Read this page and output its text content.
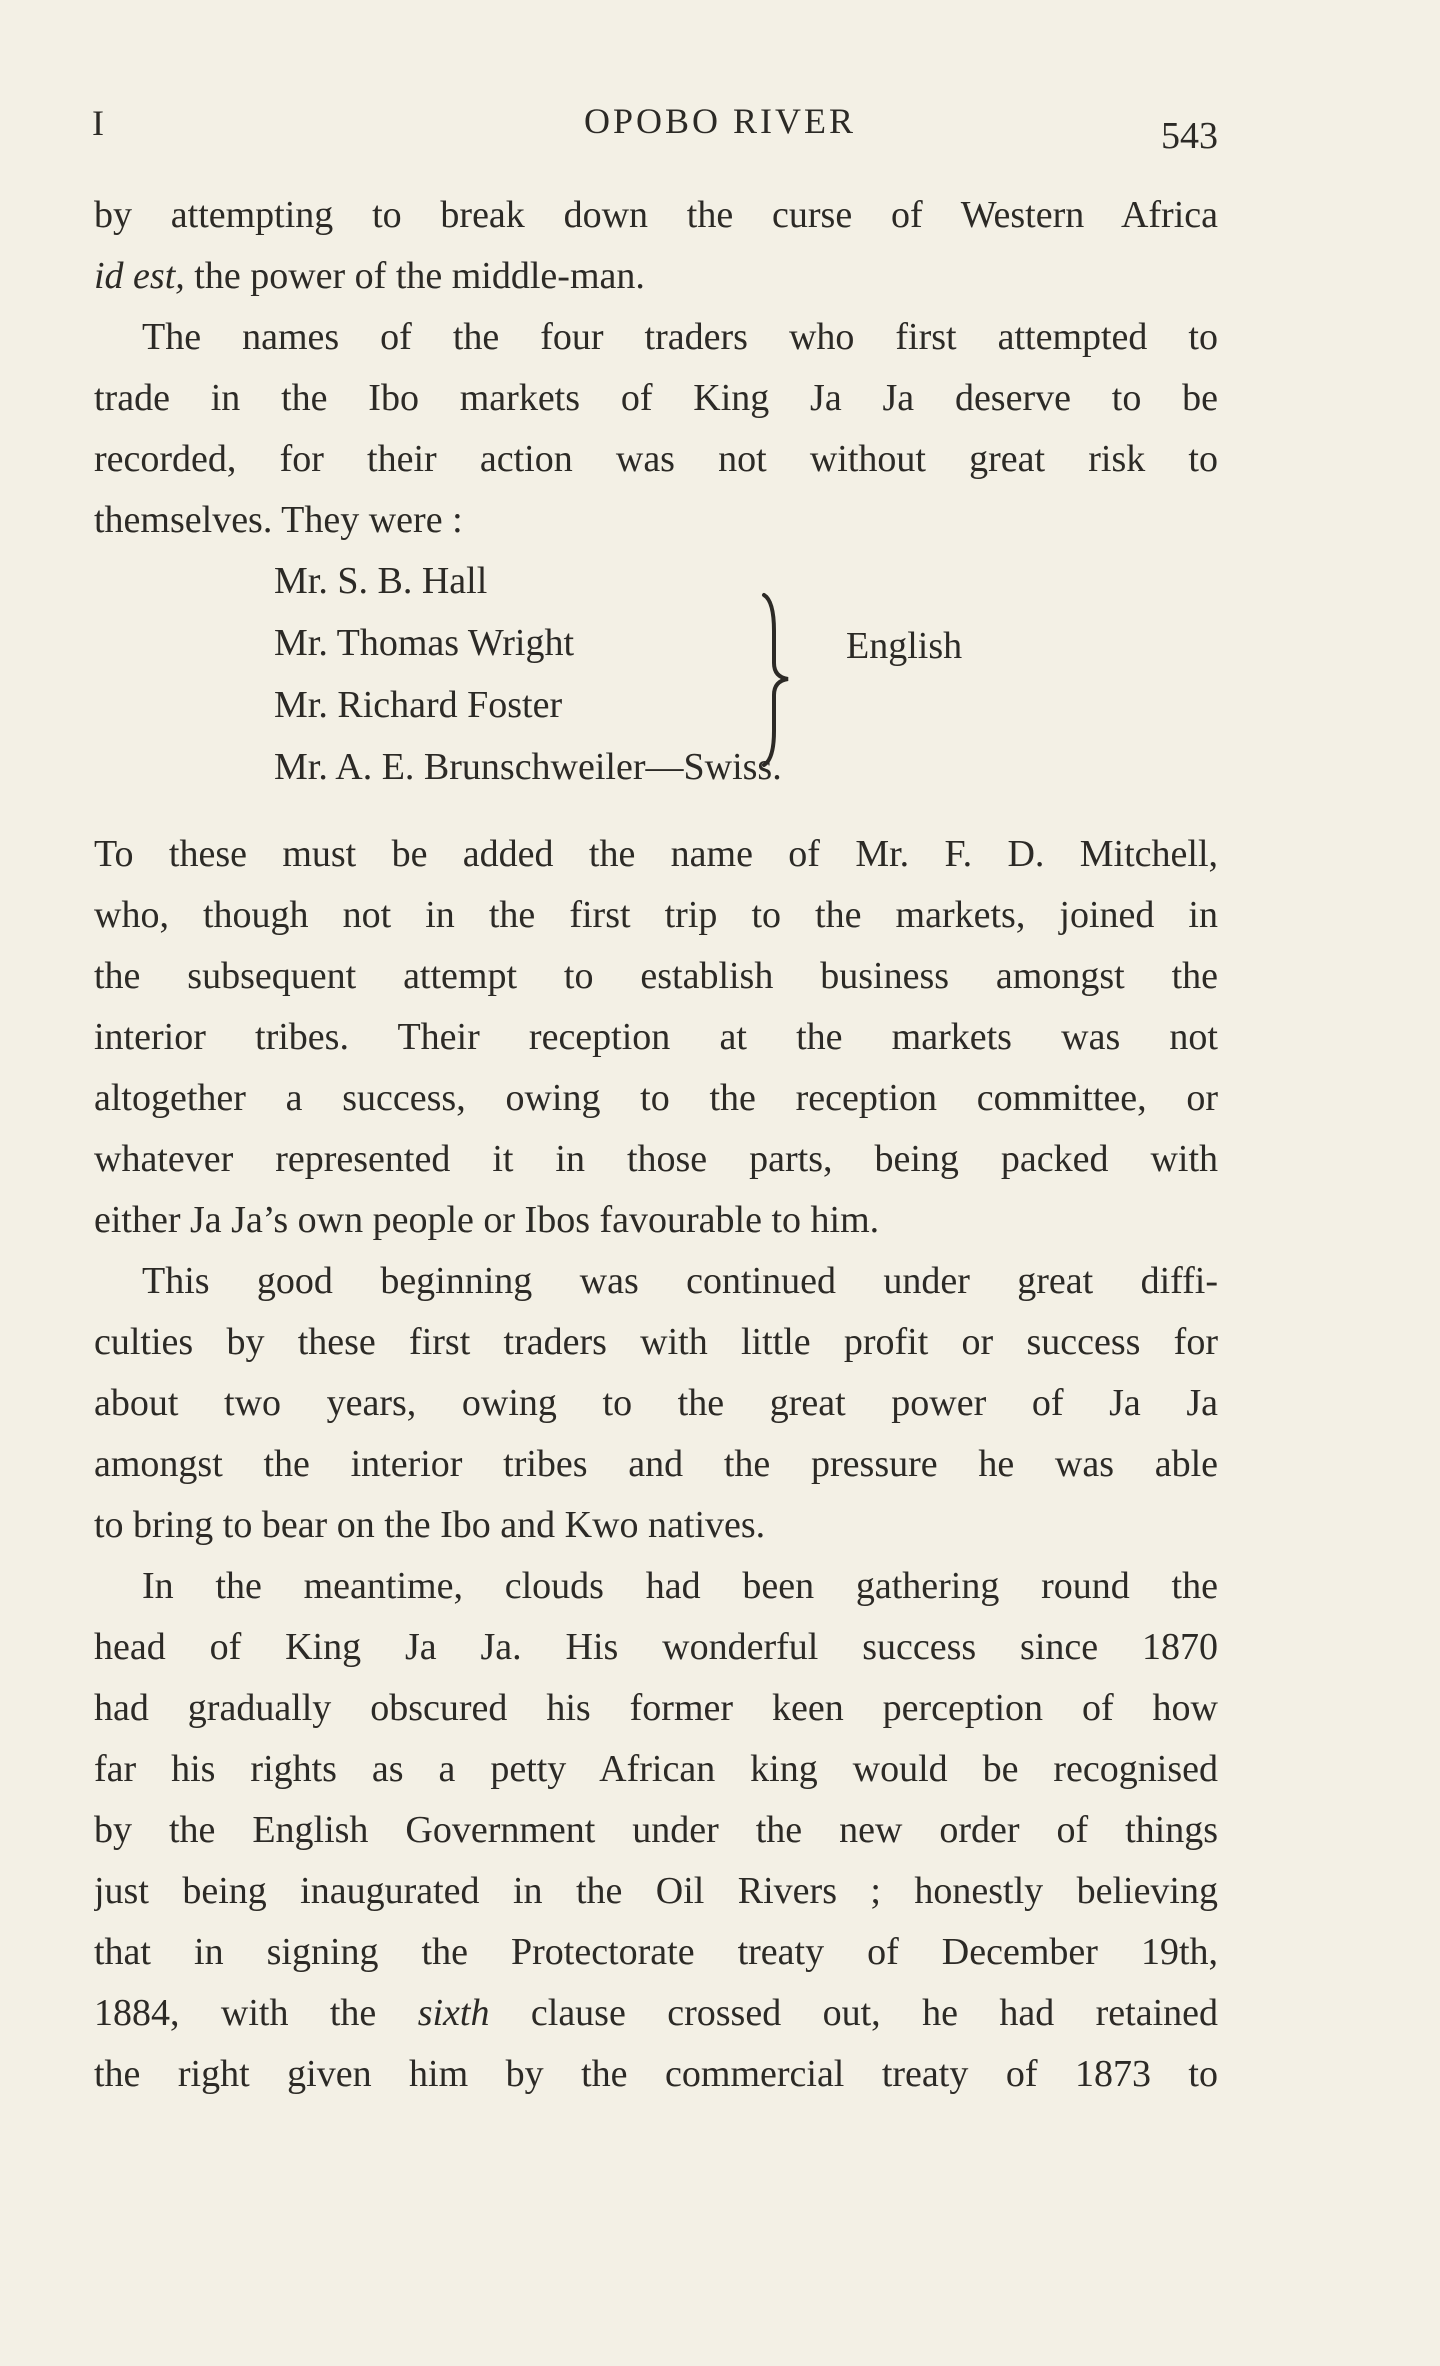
I	OPOBO RIVER	543
by attempting to break down the curse of Western Africa
id est, the power of the middle-man.
The names of the four traders who first attempted to
trade in the Ibo markets of King Ja Ja deserve to be
recorded, for their action was not without great risk to
themselves. They were :
Mr. S. B. Hall
Mr. Thomas Wright
Mr. Richard Foster
English
Mr. A. E. Brunschweiler—Swiss.
To these must be added the name of Mr. F. D. Mitchell,
who, though not in the first trip to the markets, joined in
the subsequent attempt to establish business amongst the
interior tribes. Their reception at the markets was not
altogether a success, owing to the reception committee, or
whatever represented it in those parts, being packed with
either Ja Ja’s own people or Ibos favourable to him.
This good beginning was continued under great diffi-
culties by these first traders with little profit or success for
about two years, owing to the great power of Ja Ja
amongst the interior tribes and the pressure he was able
to bring to bear on the Ibo and Kwo natives.
In the meantime, clouds had been gathering round the
head of King Ja Ja. His wonderful success since 1870
had gradually obscured his former keen perception of how
far his rights as a petty African king would be recognised
by the English Government under the new order of things
just being inaugurated in the Oil Rivers ; honestly believing
that in signing the Protectorate treaty of December 19th,
1884, with the sixth clause crossed out, he had retained
the right given him by the commercial treaty of 1873 to
